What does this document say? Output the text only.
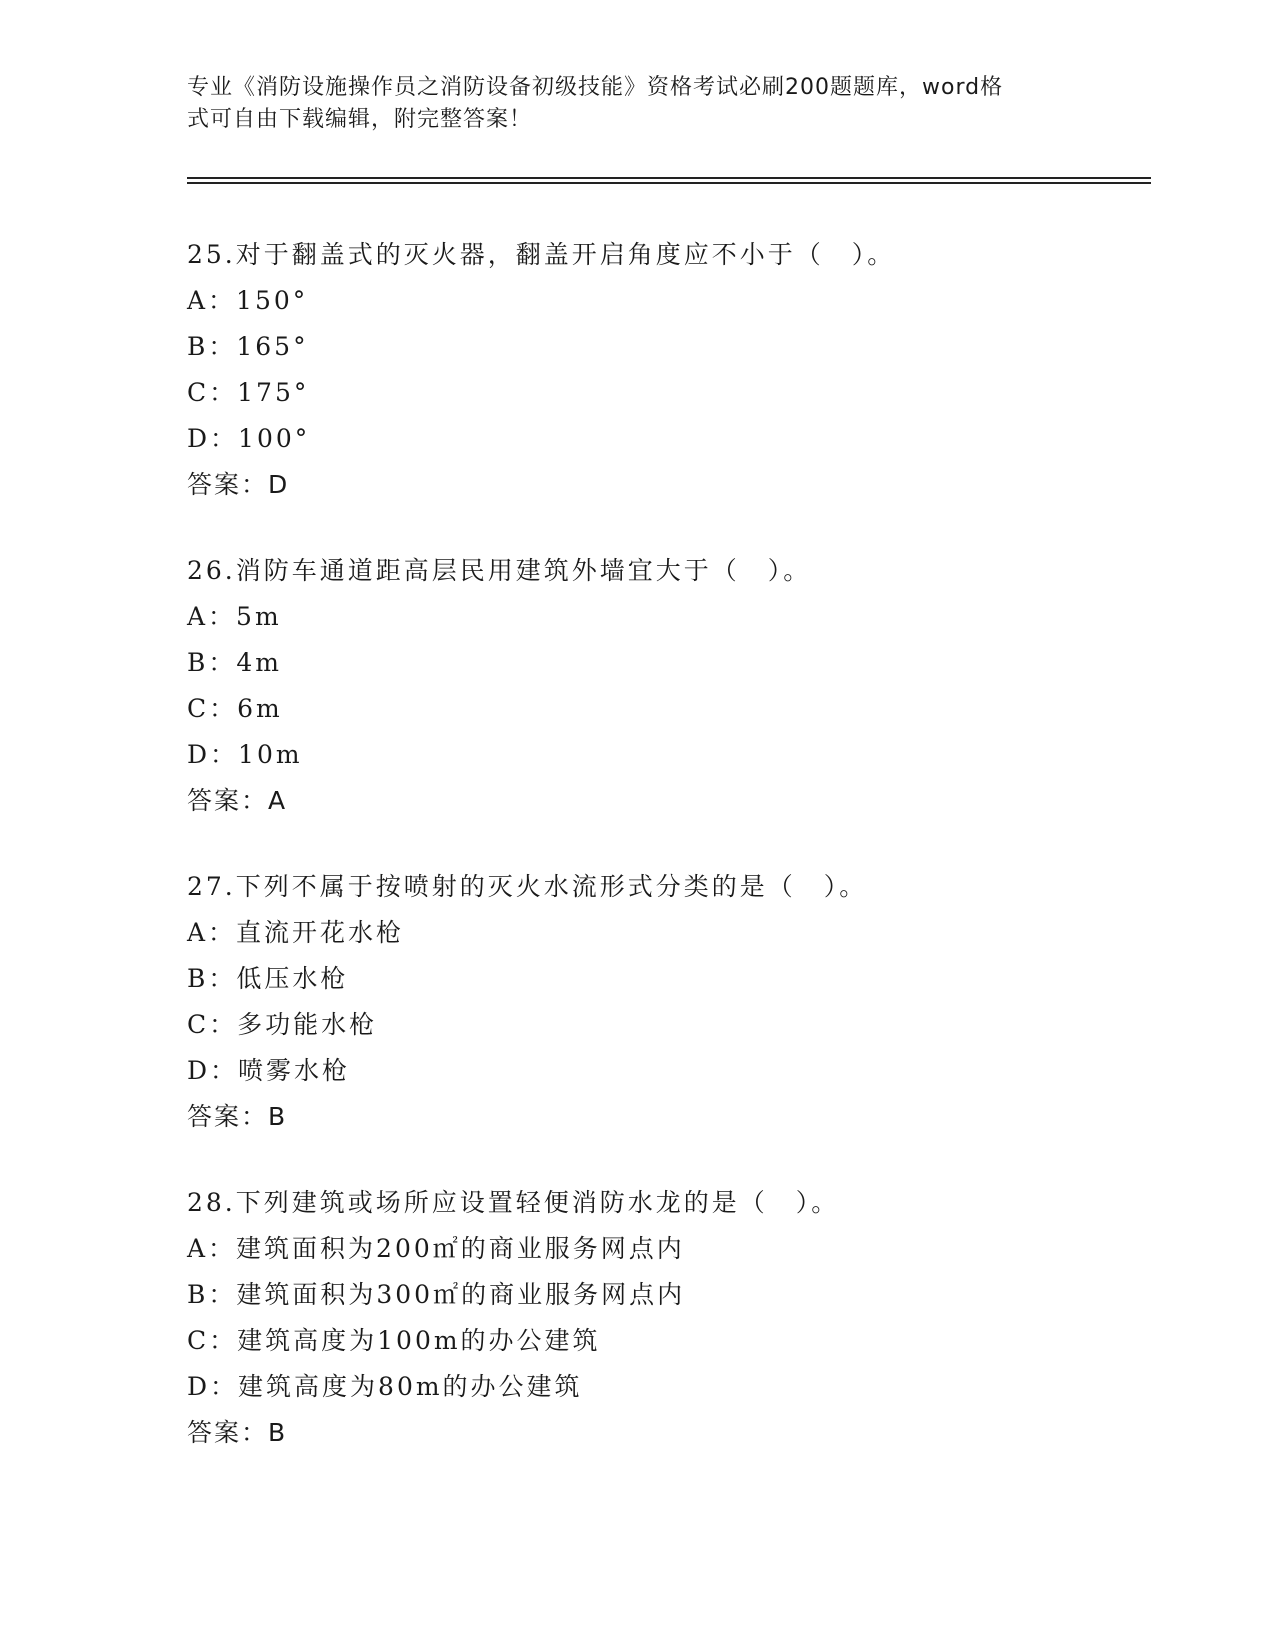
专业《消防设施操作员之消防设备初级技能》资格考试必刷200题题库，word格
式可自由下载编辑，附完整答案！
25.对于翻盖式的灭火器，翻盖开启角度应不小于（　）。
A：150°
B：165°
C：175°
D：100°
答案：D
26.消防车通道距高层民用建筑外墙宜大于（　）。
A：5m
B：4m
C：6m
D：10m
答案：A
27.下列不属于按喷射的灭火水流形式分类的是（　）。
A：直流开花水枪
B：低压水枪
C：多功能水枪
D：喷雾水枪
答案：B
28.下列建筑或场所应设置轻便消防水龙的是（　）。
A：建筑面积为200㎡的商业服务网点内
B：建筑面积为300㎡的商业服务网点内
C：建筑高度为100m的办公建筑
D：建筑高度为80m的办公建筑
答案：B
